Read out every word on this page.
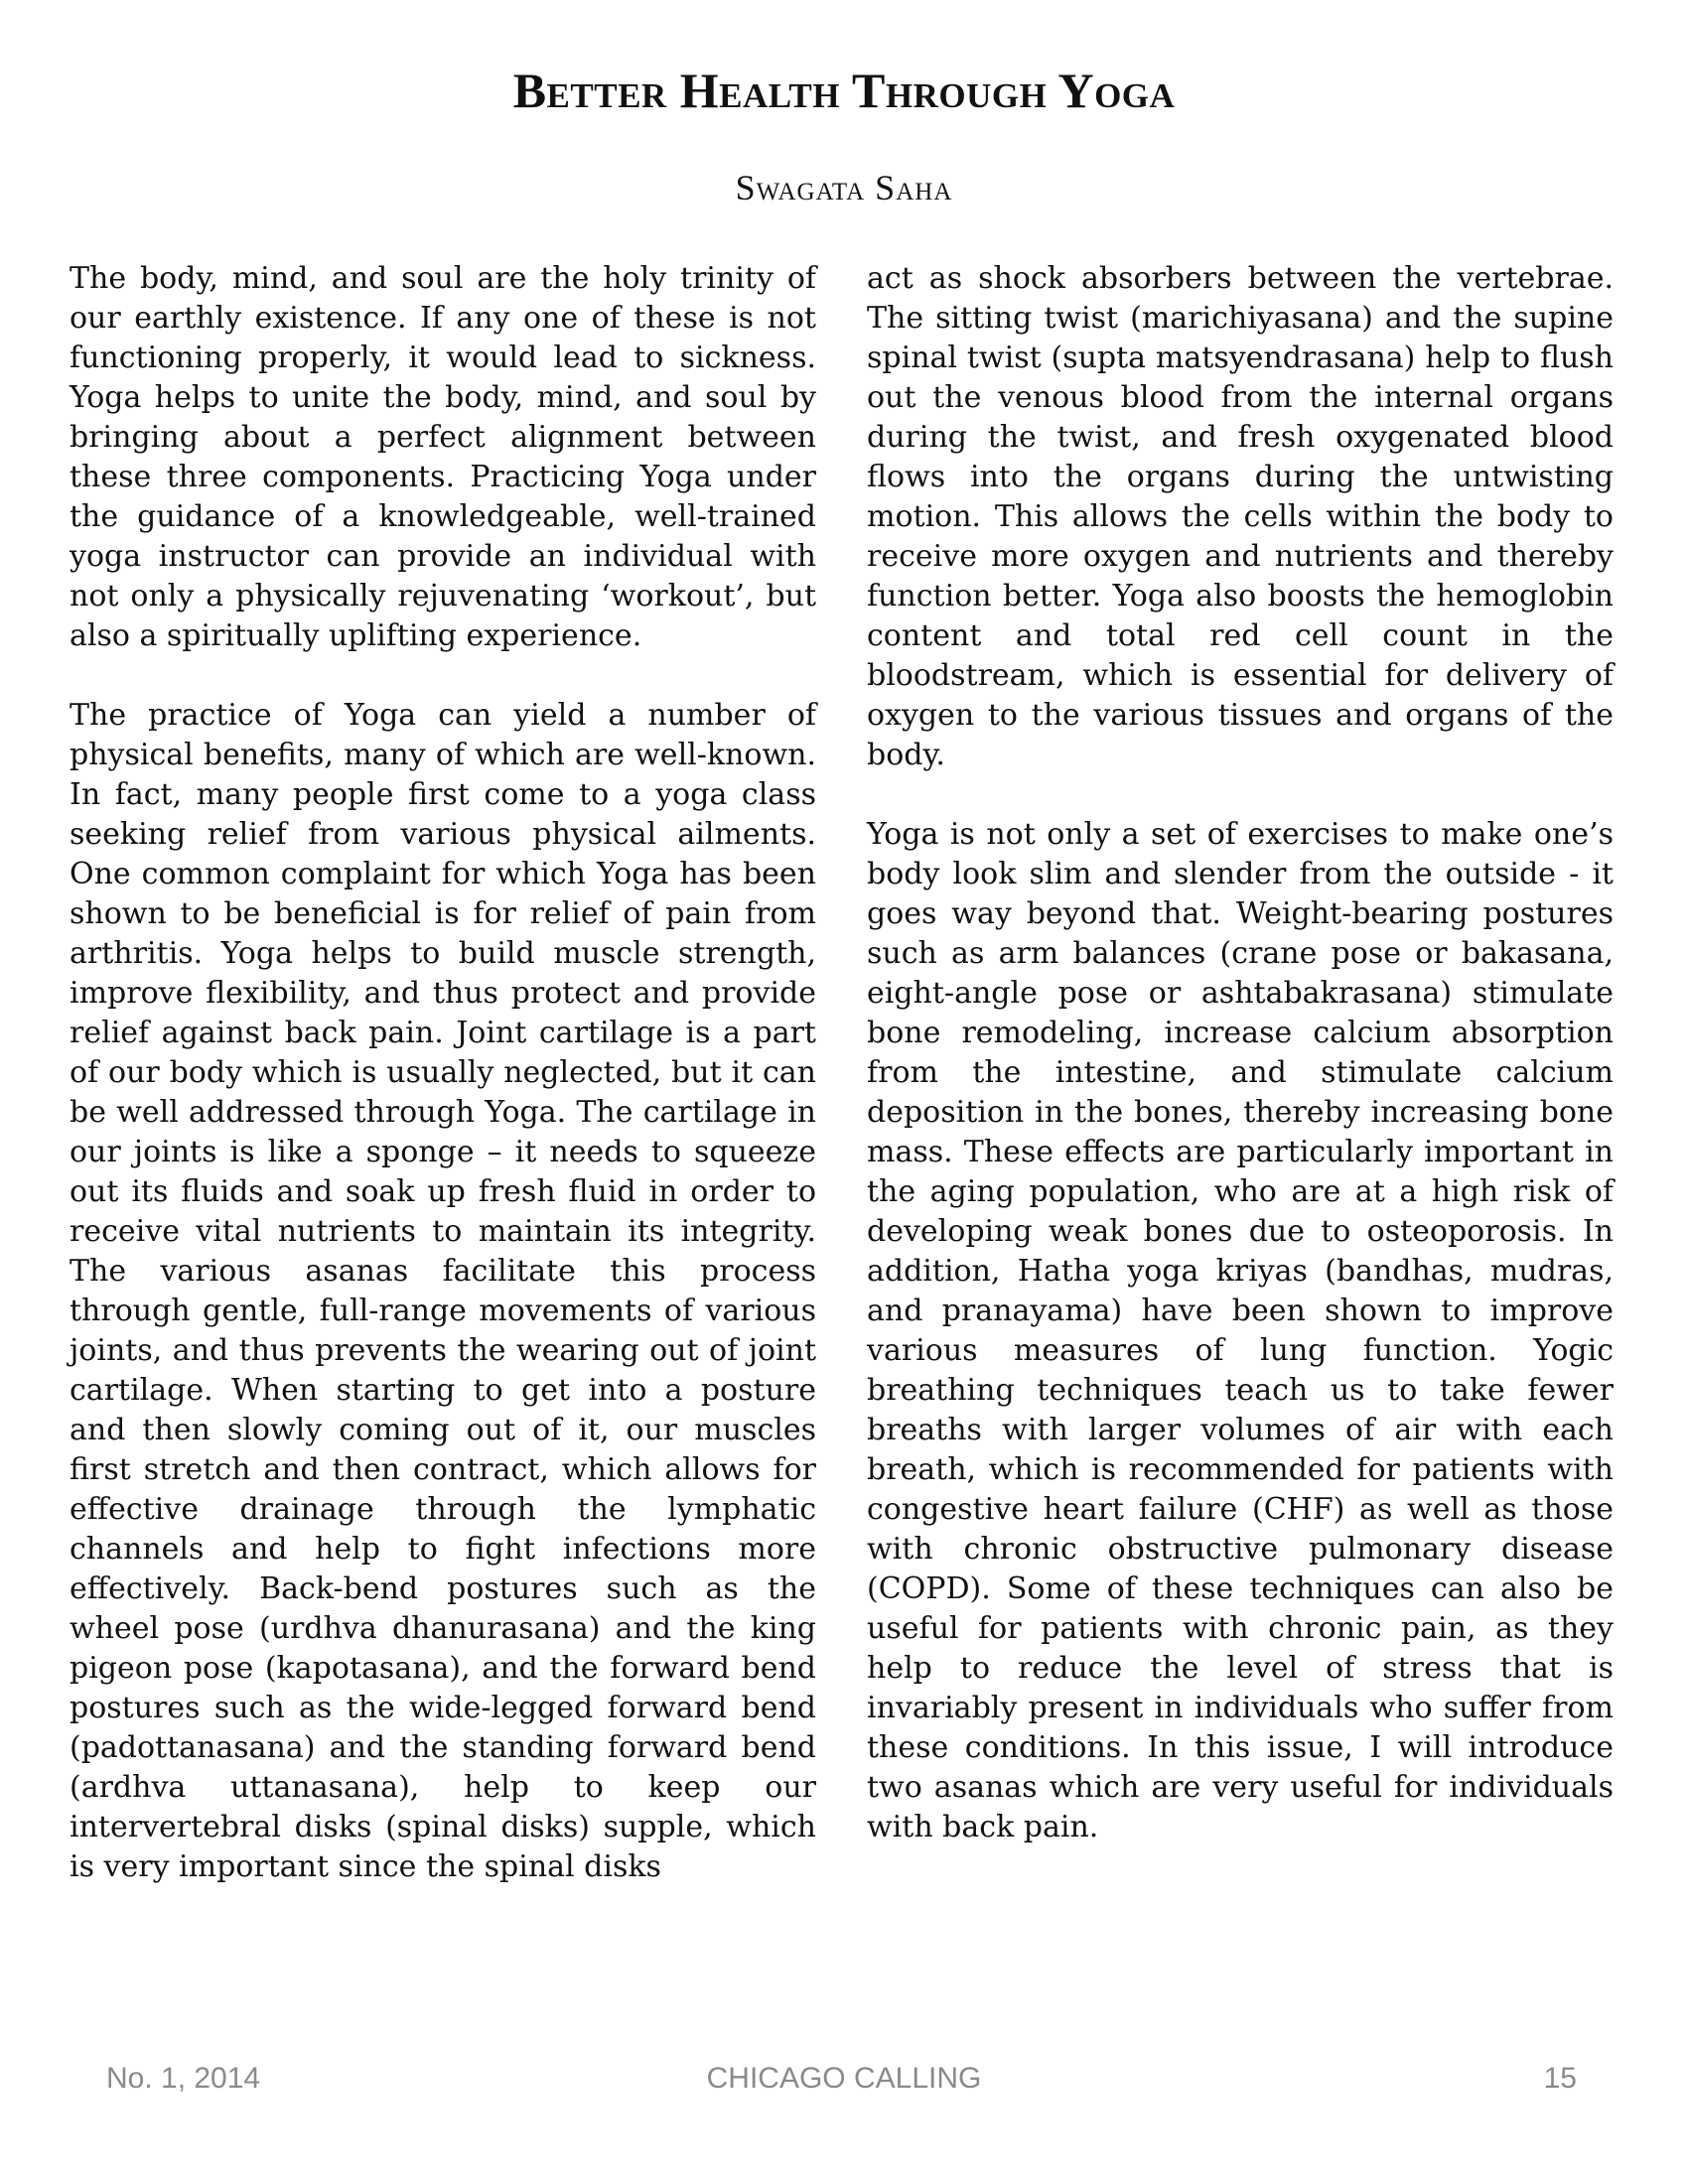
Better Health Through Yoga
Swagata Saha

The body, mind, and soul are the holy trinity of our earthly existence. If any one of these is not functioning properly, it would lead to sickness. Yoga helps to unite the body, mind, and soul by bringing about a perfect alignment between these three components. Practicing Yoga under the guidance of a knowledgeable, well-trained yoga instructor can provide an individual with not only a physically rejuvenating ‘workout’, but also a spiritually uplifting experience.

The practice of Yoga can yield a number of physical benefits, many of which are well-known. In fact, many people first come to a yoga class seeking relief from various physical ailments. One common complaint for which Yoga has been shown to be beneficial is for relief of pain from arthritis. Yoga helps to build muscle strength, improve flexibility, and thus protect and provide relief against back pain. Joint cartilage is a part of our body which is usually neglected, but it can be well addressed through Yoga. The cartilage in our joints is like a sponge – it needs to squeeze out its fluids and soak up fresh fluid in order to receive vital nutrients to maintain its integrity. The various asanas facilitate this process through gentle, full-range movements of various joints, and thus prevents the wearing out of joint cartilage. When starting to get into a posture and then slowly coming out of it, our muscles first stretch and then contract, which allows for effective drainage through the lymphatic channels and help to fight infections more effectively. Back-bend postures such as the wheel pose (urdhva dhanurasana) and the king pigeon pose (kapotasana), and the forward bend postures such as the wide-legged forward bend (padottanasana) and the standing forward bend (ardhva uttanasana), help to keep our intervertebral disks (spinal disks) supple, which is very important since the spinal disks

act as shock absorbers between the vertebrae. The sitting twist (marichiyasana) and the supine spinal twist (supta matsyendrasana) help to flush out the venous blood from the internal organs during the twist, and fresh oxygenated blood flows into the organs during the untwisting motion. This allows the cells within the body to receive more oxygen and nutrients and thereby function better. Yoga also boosts the hemoglobin content and total red cell count in the bloodstream, which is essential for delivery of oxygen to the various tissues and organs of the body.

Yoga is not only a set of exercises to make one’s body look slim and slender from the outside - it goes way beyond that. Weight-bearing postures such as arm balances (crane pose or bakasana, eight-angle pose or ashtabakrasana) stimulate bone remodeling, increase calcium absorption from the intestine, and stimulate calcium deposition in the bones, thereby increasing bone mass. These effects are particularly important in the aging population, who are at a high risk of developing weak bones due to osteoporosis. In addition, Hatha yoga kriyas (bandhas, mudras, and pranayama) have been shown to improve various measures of lung function. Yogic breathing techniques teach us to take fewer breaths with larger volumes of air with each breath, which is recommended for patients with congestive heart failure (CHF) as well as those with chronic obstructive pulmonary disease (COPD). Some of these techniques can also be useful for patients with chronic pain, as they help to reduce the level of stress that is invariably present in individuals who suffer from these conditions. In this issue, I will introduce two asanas which are very useful for individuals with back pain.

No. 1, 2014	CHICAGO CALLING	15
